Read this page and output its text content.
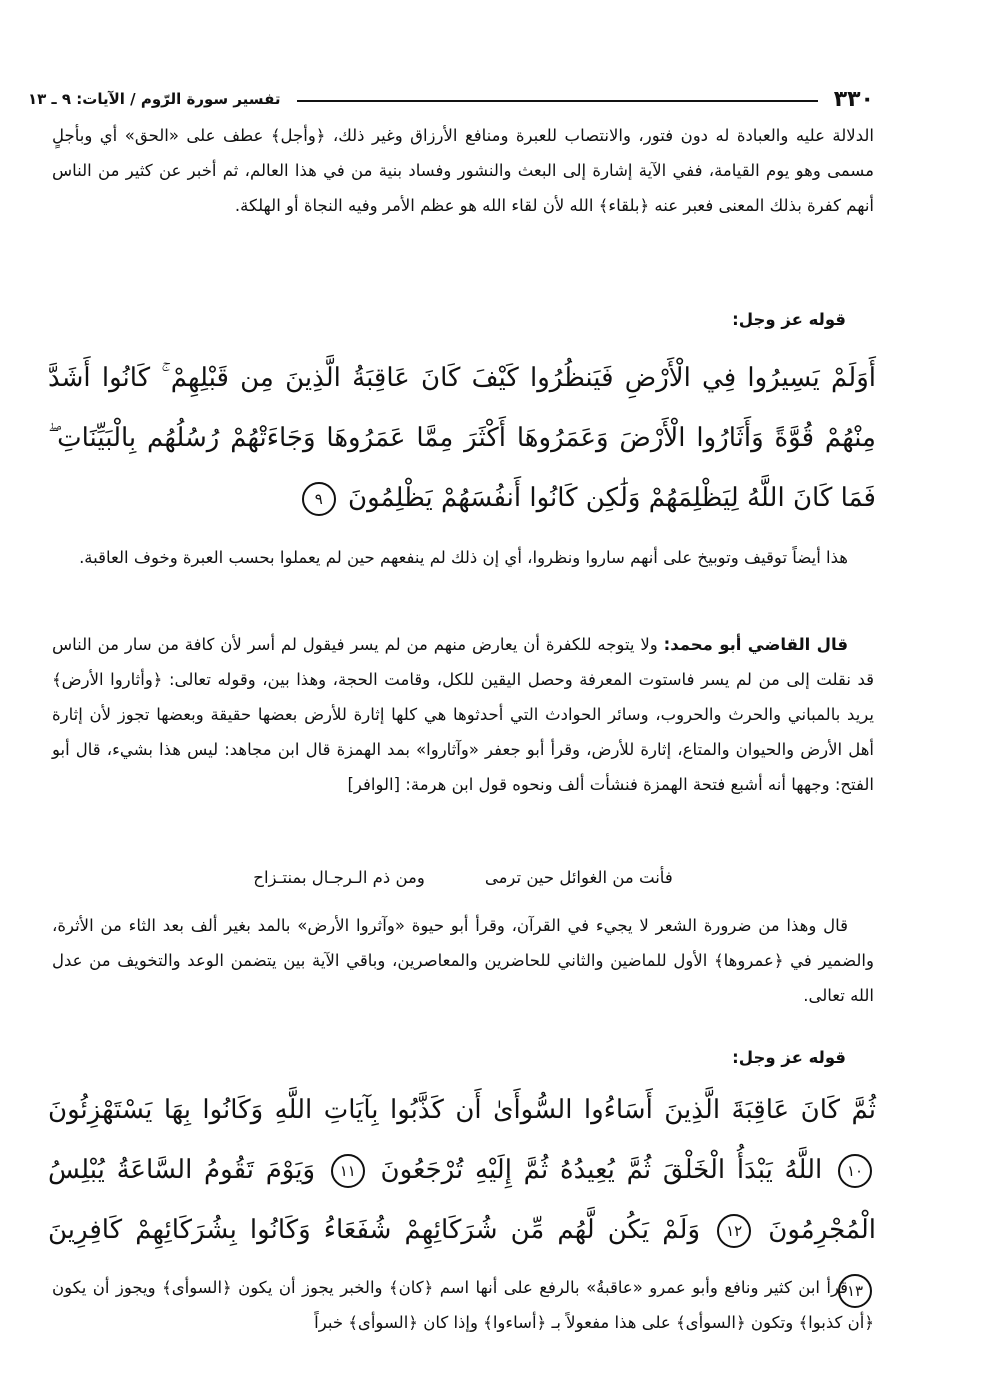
٣٣٠
تفسير سورة الرّوم / الآيات: ٩ ـ ١٣

الدلالة عليه والعبادة له دون فتور، والانتصاب للعبرة ومنافع الأرزاق وغير ذلك، ﴿وأجل﴾ عطف على «الحق» أي وبأجلٍ مسمى وهو يوم القيامة، ففي الآية إشارة إلى البعث والنشور وفساد بنية من في هذا العالم، ثم أخبر عن كثير من الناس أنهم كفرة بذلك المعنى فعبر عنه ﴿بلقاء﴾ الله لأن لقاء الله هو عظم الأمر وفيه النجاة أو الهلكة.

قوله عز وجل:

أَوَلَمْ يَسِيرُوا فِي الْأَرْضِ فَيَنظُرُوا كَيْفَ كَانَ عَاقِبَةُ الَّذِينَ مِن قَبْلِهِمْ ۚ كَانُوا أَشَدَّ مِنْهُمْ قُوَّةً وَأَثَارُوا الْأَرْضَ وَعَمَرُوهَا أَكْثَرَ مِمَّا عَمَرُوهَا وَجَاءَتْهُمْ رُسُلُهُم بِالْبَيِّنَاتِ ۖ فَمَا كَانَ اللَّهُ لِيَظْلِمَهُمْ وَلَٰكِن كَانُوا أَنفُسَهُمْ يَظْلِمُونَ ٩

هذا أيضاً توقيف وتوبيخ على أنهم ساروا ونظروا، أي إن ذلك لم ينفعهم حين لم يعملوا بحسب العبرة وخوف العاقبة.

قال القاضي أبو محمد: ولا يتوجه للكفرة أن يعارض منهم من لم يسر فيقول لم أسر لأن كافة من سار من الناس قد نقلت إلى من لم يسر فاستوت المعرفة وحصل اليقين للكل، وقامت الحجة، وهذا بين، وقوله تعالى: ﴿وأثاروا الأرض﴾ يريد بالمباني والحرث والحروب، وسائر الحوادث التي أحدثوها هي كلها إثارة للأرض بعضها حقيقة وبعضها تجوز لأن إثارة أهل الأرض والحيوان والمتاع، إثارة للأرض، وقرأ أبو جعفر «وآثاروا» بمد الهمزة قال ابن مجاهد: ليس هذا بشيء، قال أبو الفتح: وجهها أنه أشبع فتحة الهمزة فنشأت ألف ونحوه قول ابن هرمة: [الوافر]

فأنت من الغوائل حين ترمى
ومن ذم الـرجـال بمنتـزاح

قال وهذا من ضرورة الشعر لا يجيء في القرآن، وقرأ أبو حيوة «وآثروا الأرض» بالمد بغير ألف بعد الثاء من الأثرة، والضمير في ﴿عمروها﴾ الأول للماضين والثاني للحاضرين والمعاصرين، وباقي الآية بين يتضمن الوعد والتخويف من عدل الله تعالى.

قوله عز وجل:

ثُمَّ كَانَ عَاقِبَةَ الَّذِينَ أَسَاءُوا السُّوأَىٰ أَن كَذَّبُوا بِآيَاتِ اللَّهِ وَكَانُوا بِهَا يَسْتَهْزِئُونَ ١٠ اللَّهُ يَبْدَأُ الْخَلْقَ ثُمَّ يُعِيدُهُ ثُمَّ إِلَيْهِ تُرْجَعُونَ ١١ وَيَوْمَ تَقُومُ السَّاعَةُ يُبْلِسُ الْمُجْرِمُونَ ١٢ وَلَمْ يَكُن لَّهُم مِّن شُرَكَائِهِمْ شُفَعَاءُ وَكَانُوا بِشُرَكَائِهِمْ كَافِرِينَ ١٣

قرأ ابن كثير ونافع وأبو عمرو «عاقبةُ» بالرفع على أنها اسم ﴿كان﴾ والخبر يجوز أن يكون ﴿السوأى﴾ ويجوز أن يكون ﴿أن كذبوا﴾ وتكون ﴿السوأى﴾ على هذا مفعولاً بـ ﴿أساءوا﴾ وإذا كان ﴿السوأى﴾ خبراً
